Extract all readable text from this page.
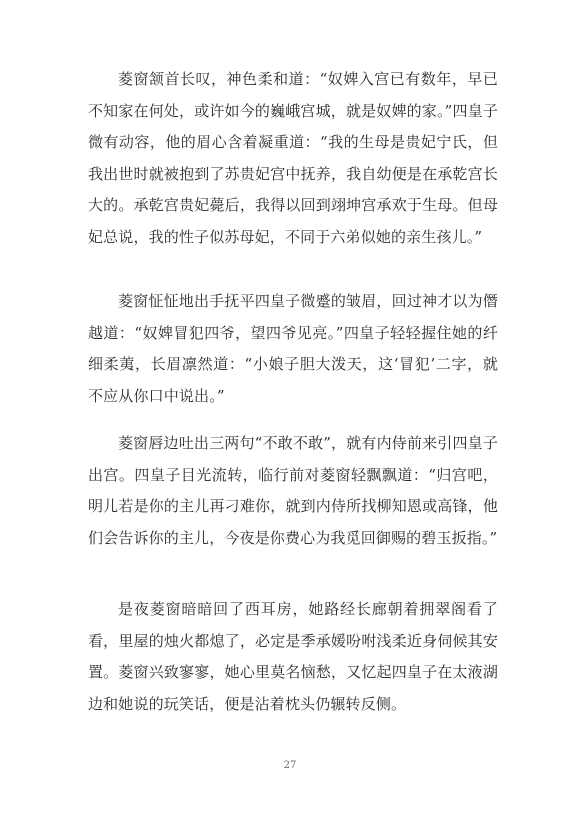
菱窗颔首长叹，神色柔和道：“奴婢入宫已有数年，早已不知家在何处，或许如今的巍峨宫城，就是奴婢的家。”四皇子微有动容，他的眉心含着凝重道：“我的生母是贵妃宁氏，但我出世时就被抱到了苏贵妃宫中抚养，我自幼便是在承乾宫长大的。承乾宫贵妃薨后，我得以回到翊坤宫承欢于生母。但母妃总说，我的性子似苏母妃，不同于六弟似她的亲生孩儿。”

菱窗怔怔地出手抚平四皇子微蹙的皱眉，回过神才以为僭越道：“奴婢冒犯四爷，望四爷见亮。”四皇子轻轻握住她的纤细柔荑，长眉凛然道：“小娘子胆大泼天，这‘冒犯’二字，就不应从你口中说出。”

菱窗唇边吐出三两句“不敢不敢”，就有内侍前来引四皇子出宫。四皇子目光流转，临行前对菱窗轻飘飘道：“归宫吧，明儿若是你的主儿再刁难你，就到内侍所找柳知恩或高锋，他们会告诉你的主儿，今夜是你费心为我觅回御赐的碧玉扳指。”

是夜菱窗暗暗回了西耳房，她路经长廊朝着拥翠阁看了看，里屋的烛火都熄了，必定是季承媛吩咐浅柔近身伺候其安置。菱窗兴致寥寥，她心里莫名恼愁，又忆起四皇子在太液湖边和她说的玩笑话，便是沾着枕头仍辗转反侧。

27
